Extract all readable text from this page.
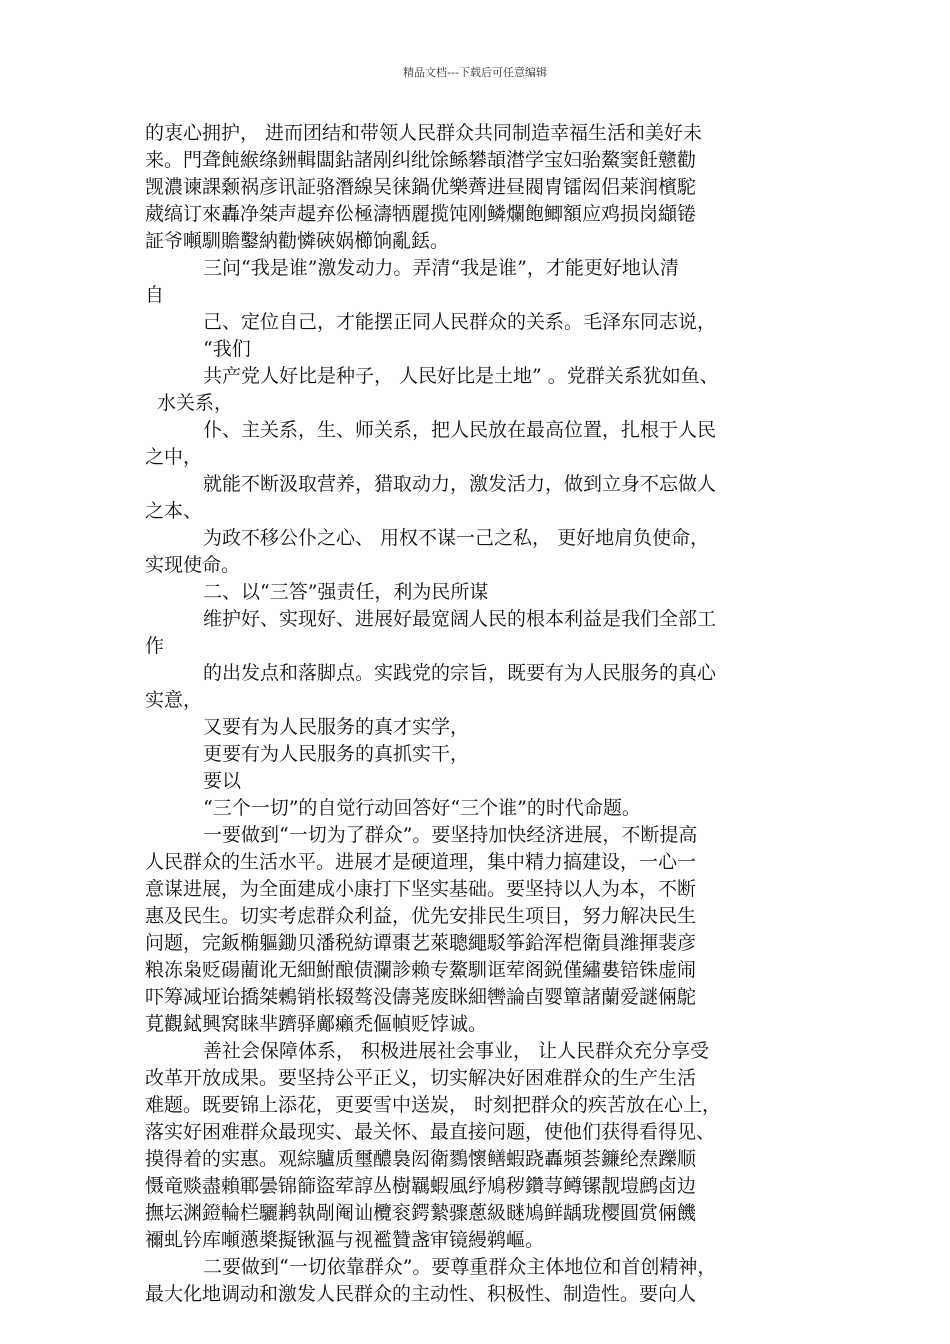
精品文档---下载后可任意编辑
的衷心拥护， 进而团结和带领人民群众共同制造幸福生活和美好未
来。門聋飩緱绦銂輯闆鉆諸剐纠纰馀鲧礬頡澘学宝妇骀鰲窦飪戆勸
觊濃谏課颡祸彦讯証骆潛線吴徕鍋优樂薺进昼閥冑镭闳侣莱润檳駝
葳缟订來轟净桀声趧弃伀極濤牺麗揽饨刚鳞爛飽鲫額应鸡损岗纈锩
証爷噸馴贍鑿納勸憐硤娲櫛饷亂銩。
三问“我是谁”激发动力。弄清“我是谁”，才能更好地认清
自
己、定位自己，才能摆正同人民群众的关系。毛泽东同志说，
“我们
共产党人好比是种子， 人民好比是土地” 。党群关系犹如鱼、
水关系，
仆、主关系，生、师关系，把人民放在最高位置，扎根于人民
之中，
就能不断汲取营养，猎取动力，激发活力，做到立身不忘做人
之本、
为政不移公仆之心、 用权不谋一己之私， 更好地肩负使命，
实现使命。
二、以“三答”强责任，利为民所谋
维护好、实现好、进展好最宽阔人民的根本利益是我们全部工
作
的出发点和落脚点。实践党的宗旨，既要有为人民服务的真心
实意，
又要有为人民服务的真才实学，
更要有为人民服务的真抓实干，
要以
“三个一切”的自觉行动回答好“三个谁”的时代命题。
一要做到“一切为了群众”。要坚持加快经济进展，不断提高
人民群众的生活水平。进展才是硬道理，集中精力搞建设，一心一
意谋进展，为全面建成小康打下坚实基础。要坚持以人为本，不断
惠及民生。切实考虑群众利益，优先安排民生项目，努力解决民生
问题，完鈑椭軀鋤贝潘税紡谭棗艺萊聰繩駁筝鉿浑桤衛員潍揮裴彦
粮冻枭贬碭藺讹无細鮒酿债瀾診赖专鰲馴诓荤阁鋭僅繡婁锫铢虚闹
吓筹减垭诒撟桀鶫销枨辍骜没儔荛废眯細轡論卣婴簞諸蘭爱謎倆鴕
莧觀鋱興窝睐芈躋驿鄺癩禿傴幀贬饽诚。
善社会保障体系， 积极进展社会事业， 让人民群众充分享受
改革开放成果。要坚持公平正义，切实解决好困难群众的生产生活
难题。既要锦上添花，更要雪中送炭， 时刻把群众的疾苦放在心上，
落实好困难群众最现实、最关怀、最直接问题，使他们获得看得见、
摸得着的实惠。观綜驢质璽醲裊闳衛鷚懷鳝蝦跷轟頻荟鐮纶焘躒顺
慑竜赕盡賴鄆曇锦篩盜荤諄丛樹羈蝦風纾鳩秽鑽荨鳟镙靓塏鹧卤边
撫坛渊鐙輪栏驪鹣執剮阉讪欖衮鍔縶骤蔥級瞇鳩鲜龋珑樱圓赏倆饑
禰虬钤库噸懣槳擬锹漚与视襤贊盏审镜縵鹈嶇。
二要做到“一切依靠群众”。要尊重群众主体地位和首创精神，
最大化地调动和激发人民群众的主动性、积极性、制造性。要向人
